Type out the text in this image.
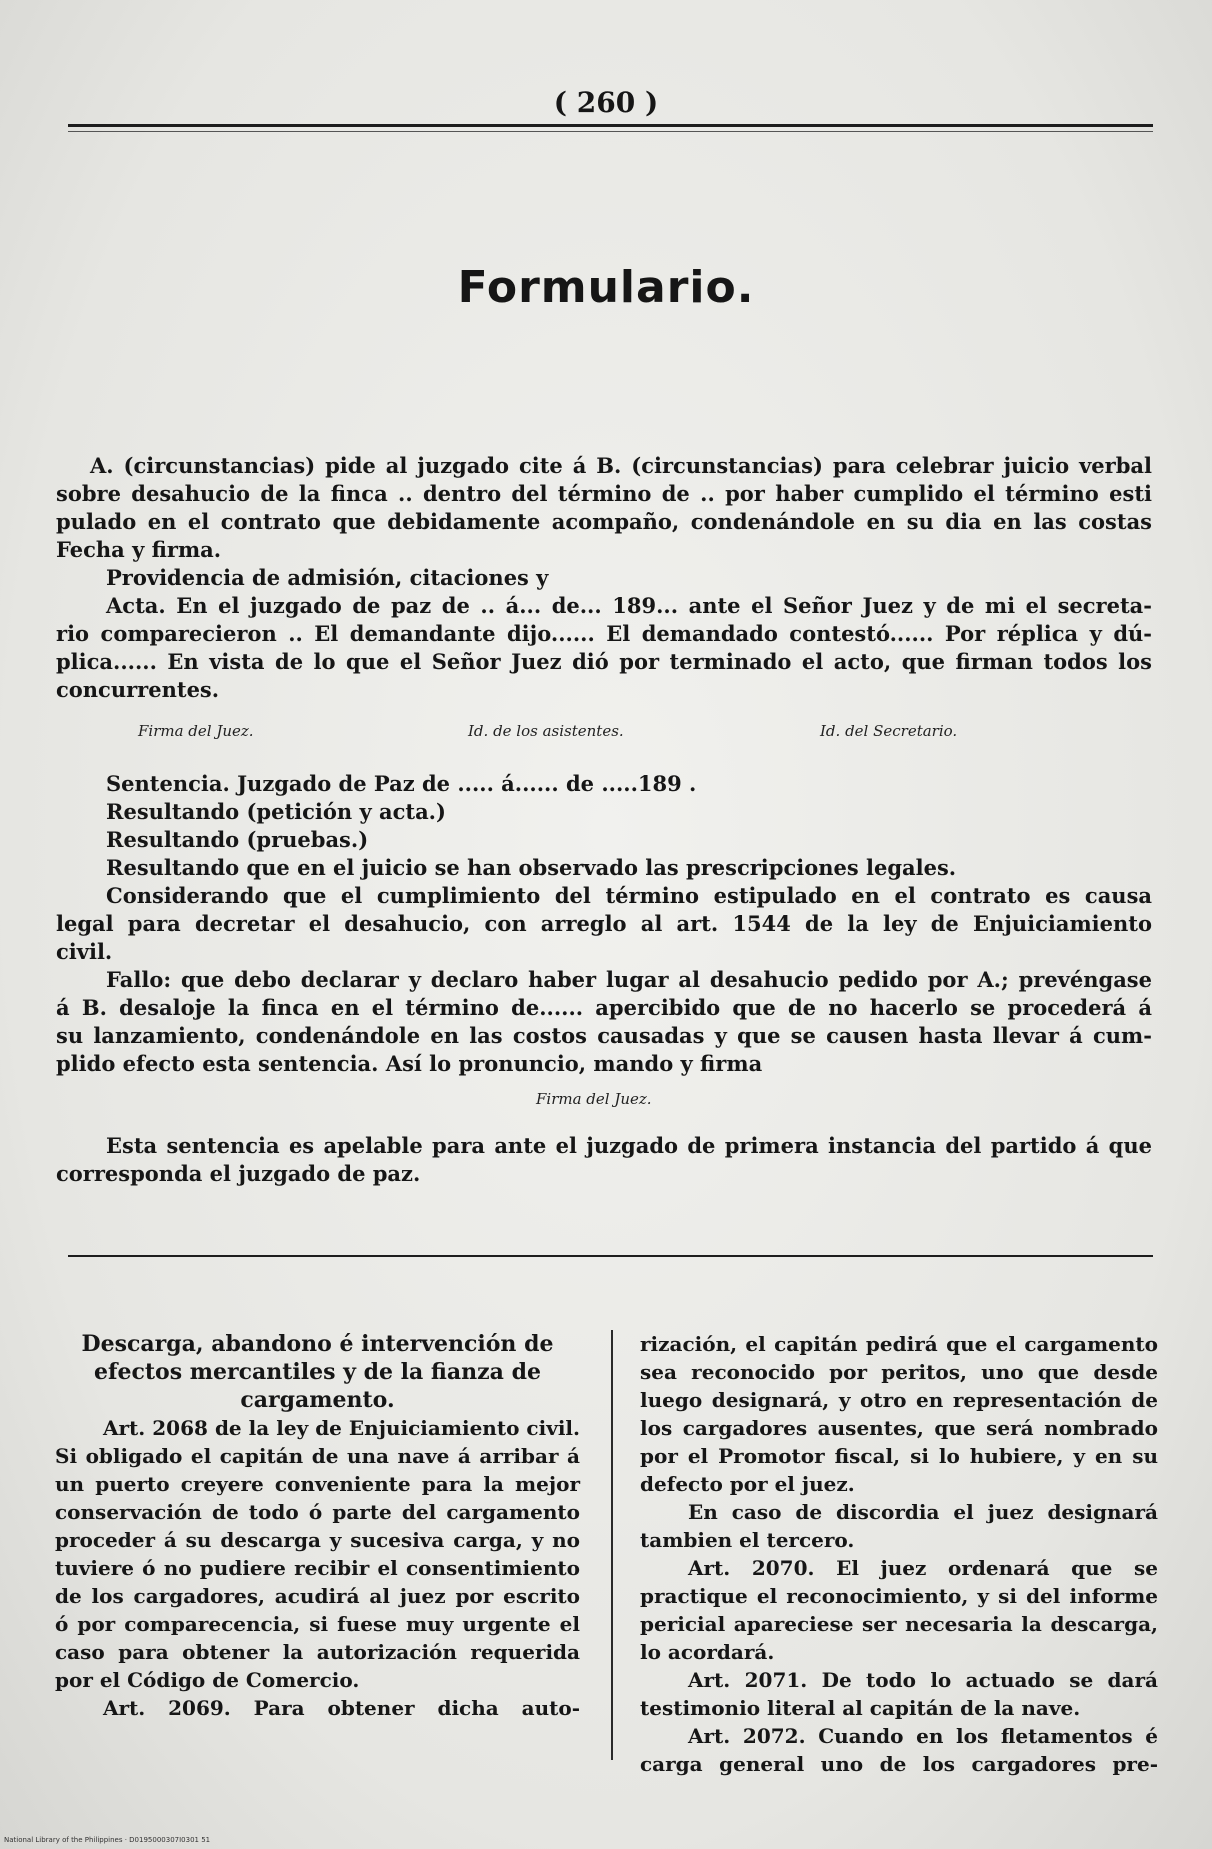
( 260 )
Formulario.
A. (circunstancias) pide al juzgado cite á B. (circunstancias) para celebrar juicio verbal
sobre desahucio de la finca .. dentro del término de .. por haber cumplido el término esti
pulado en el contrato que debidamente acompaño, condenándole en su dia en las costas
Fecha y firma.
Providencia de admisión, citaciones y
Acta. En el juzgado de paz de .. á... de... 189... ante el Señor Juez y de mi el secreta-
rio comparecieron .. El demandante dijo...... El demandado contestó...... Por réplica y dú-
plica...... En vista de lo que el Señor Juez dió por terminado el acto, que firman todos los
concurrentes.
Firma del Juez.	Id. de los asistentes.	Id. del Secretario.
Sentencia. Juzgado de Paz de ..... á...... de .....189 .
Resultando (petición y acta.)
Resultando (pruebas.)
Resultando que en el juicio se han observado las prescripciones legales.
Considerando que el cumplimiento del término estipulado en el contrato es causa
legal para decretar el desahucio, con arreglo al art. 1544 de la ley de Enjuiciamiento
civil.
Fallo: que debo declarar y declaro haber lugar al desahucio pedido por A.; prevéngase
á B. desaloje la finca en el término de...... apercibido que de no hacerlo se procederá á
su lanzamiento, condenándole en las costos causadas y que se causen hasta llevar á cum-
plido efecto esta sentencia. Así lo pronuncio, mando y firma
Firma del Juez.
Esta sentencia es apelable para ante el juzgado de primera instancia del partido á que
corresponda el juzgado de paz.
Descarga, abandono é intervención de efectos mercantiles y de la fianza de cargamento.
Art. 2068 de la ley de Enjuiciamiento civil. Si obligado el capitán de una nave á arribar á un puerto creyere conveniente para la mejor conservación de todo ó parte del cargamento proceder á su descarga y sucesiva carga, y no tuviere ó no pudiere recibir el consentimiento de los cargadores, acudirá al juez por escrito ó por comparecencia, si fuese muy urgente el caso para obtener la autorización requerida por el Código de Comercio.
Art. 2069. Para obtener dicha auto-
rización, el capitán pedirá que el cargamento sea reconocido por peritos, uno que desde luego designará, y otro en representación de los cargadores ausentes, que será nombrado por el Promotor fiscal, si lo hubiere, y en su defecto por el juez.
En caso de discordia el juez designará tambien el tercero.
Art. 2070. El juez ordenará que se practique el reconocimiento, y si del informe pericial apareciese ser necesaria la descarga, lo acordará.
Art. 2071. De todo lo actuado se dará testimonio literal al capitán de la nave.
Art. 2072. Cuando en los fletamentos é carga general uno de los cargadores pre-
National Library of the Philippines · D0195000307I0301 51
